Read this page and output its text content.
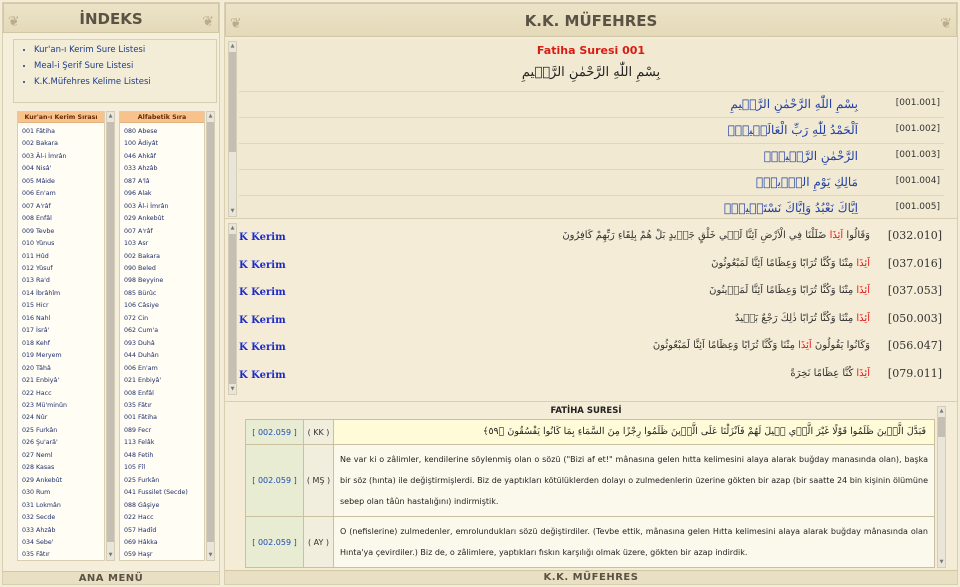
❦	İNDEKS	❦
• Kur'an-ı Kerim Sure Listesi
• Meal-i Şerif Sure Listesi
• K.K.Müfehres Kelime Listesi
Kur'an-ı Kerim Sırası
001 Fâtiha
002 Bakara
003 Âl-i İmrân
004 Nisâ'
005 Mâide
006 En'am
007 A'râf
008 Enfâl
009 Tevbe
010 Yûnus
011 Hûd
012 Yûsuf
013 Ra'd
014 İbrâhîm
015 Hicr
016 Nahl
017 İsrâ'
018 Kehf
019 Meryem
020 Tâhâ
021 Enbiyâ'
022 Hacc
023 Mü'minûn
024 Nûr
025 Furkân
026 Şu'arâ'
027 Neml
028 Kasas
029 Ankebût
030 Rum
031 Lokmân
032 Secde
033 Ahzâb
034 Sebe'
035 Fâtır
▲
▼
Alfabetik Sıra
080 Abese
100 Âdiyât
046 Ahkâf
033 Ahzâb
087 A'lâ
096 Alak
003 Âl-i İmrân
029 Ankebût
007 A'râf
103 Asr
002 Bakara
090 Beled
098 Beyyine
085 Bürûc
106 Câsiye
072 Cin
062 Cum'a
093 Duhâ
044 Duhân
006 En'am
021 Enbiyâ'
008 Enfâl
035 Fâtır
001 Fâtiha
089 Fecr
113 Felâk
048 Fetih
105 Fîl
025 Furkân
041 Fussilet (Secde)
088 Gâşiye
022 Hacc
057 Hadîd
069 Hâkka
059 Haşr
▲
▼
ANA MENÜ
❦	K.K. MÜFEHRES	❦
▲
▼
Fatiha Suresi 001
بِسْمِ اللّٰهِ الرَّحْمٰنِ الرَّح۪يمِ
بِسْمِ اللّٰهِ الرَّحْمٰنِ الرَّح۪يمِ	[001.001]
اَلْحَمْدُ لِلّٰهِ رَبِّ الْعَالَم۪ينَۙ	[001.002]
الرَّحْمٰنِ الرَّح۪يمِۙ	[001.003]
مَالِكِ يَوْمِ الدّ۪ينِۜ	[001.004]
اِيَّاكَ نَعْبُدُ وَاِيَّاكَ نَسْتَع۪ينُۜ	[001.005]
▲
▼
K Kerim	وَقَالُوا اَئِذَا ضَلَلْنَا فِي الْاَرْضِ اَئِنَّا لَف۪ي خَلْقٍ جَد۪يدٍ بَلْ هُمْ بِلِقَاءِ رَبِّهِمْ كَافِرُونَ	[032.010]
K Kerim	اَئِذَا مِتْنَا وَكُنَّا تُرَابًا وَعِظَامًا اَئِنَّا لَمَبْعُوثُونَ	[037.016]
K Kerim	اَئِذَا مِتْنَا وَكُنَّا تُرَابًا وَعِظَامًا اَئِنَّا لَمَد۪ينُونَ	[037.053]
K Kerim	اَئِذَا مِتْنَا وَكُنَّا تُرَابًا ذٰلِكَ رَجْعٌ بَع۪يدٌ	[050.003]
K Kerim	وَكَانُوا يَقُولُونَ اَئِذَا مِتْنَا وَكُنَّا تُرَابًا وَعِظَامًا اَئِنَّا لَمَبْعُوثُونَ	[056.047]
K Kerim	اَئِذَا كُنَّا عِظَامًا نَخِرَةً	[079.011]
FATİHA SURESİ
[ 002.059 ]	( KK )	فَبَدَّلَ الَّذ۪ينَ ظَلَمُوا قَوْلًا غَيْرَ الَّذ۪ي ق۪يلَ لَهُمْ فَاَنْزَلْنَا عَلَى الَّذ۪ينَ ظَلَمُوا رِجْزًا مِنَ السَّمَاءِ بِمَا كَانُوا يَفْسُقُونَ ﴿٥٩﴾
[ 002.059 ]	( MŞ )	Ne var ki o zâlimler, kendilerine söylenmiş olan o sözü ("Bizi af et!" mânasına gelen hıtta kelimesini alaya alarak buğday manasında olan), başka bir söz (hınta) ile değiştirmişlerdi. Biz de yaptıkları kötülüklerden dolayı o zulmedenlerin üzerine gökten bir azap (bir saatte 24 bin kişinin ölümüne sebep olan tâûn hastalığını) indirmiştik.
[ 002.059 ]	( AY )	O (nefislerine) zulmedenler, emrolundukları sözü değiştirdiler. (Tevbe ettik, mânasına gelen Hıtta kelimesini alaya alarak buğday mânasında olan Hınta'ya çevirdiler.) Biz de, o zâlimlere, yaptıkları fıskın karşılığı olmak üzere, gökten bir azap indirdik.
▲
▼
K.K. MÜFEHRES
